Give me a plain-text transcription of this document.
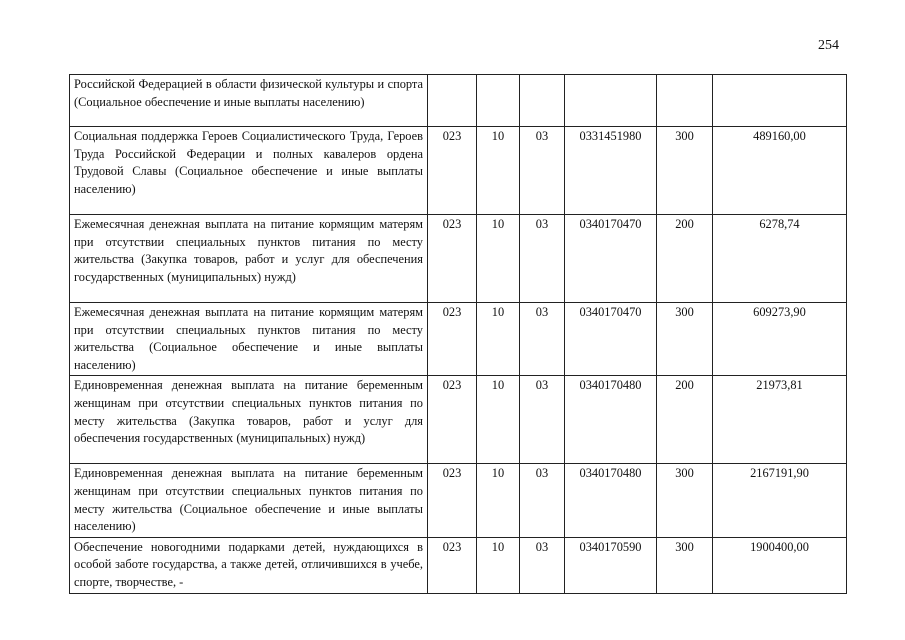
254
Российской Федерацией в области физической культуры и спорта (Социальное обеспечение и иные выплаты населению)						
Социальная поддержка Героев Социалистического Труда, Героев Труда Российской Федерации и полных кавалеров ордена Трудовой Славы (Социальное обеспечение и иные выплаты населению)	023	10	03	0331451980	300	489160,00
Ежемесячная денежная выплата на питание кормящим матерям при отсутствии специальных пунктов питания по месту жительства (Закупка товаров, работ и услуг для обеспечения государственных (муниципальных) нужд)	023	10	03	0340170470	200	6278,74
Ежемесячная денежная выплата на питание кормящим матерям при отсутствии специальных пунктов питания по месту жительства (Социальное обеспечение и иные выплаты населению)	023	10	03	0340170470	300	609273,90
Единовременная денежная выплата на питание беременным женщинам при отсутствии специальных пунктов питания по месту жительства (Закупка товаров, работ и услуг для обеспечения государственных (муниципальных) нужд)	023	10	03	0340170480	200	21973,81
Единовременная денежная выплата на питание беременным женщинам при отсутствии специальных пунктов питания по месту жительства (Социальное обеспечение и иные выплаты населению)	023	10	03	0340170480	300	2167191,90
Обеспечение новогодними подарками детей, нуждающихся в особой заботе государства, а также детей, отличившихся в учебе, спорте, творчестве, -	023	10	03	0340170590	300	1900400,00
